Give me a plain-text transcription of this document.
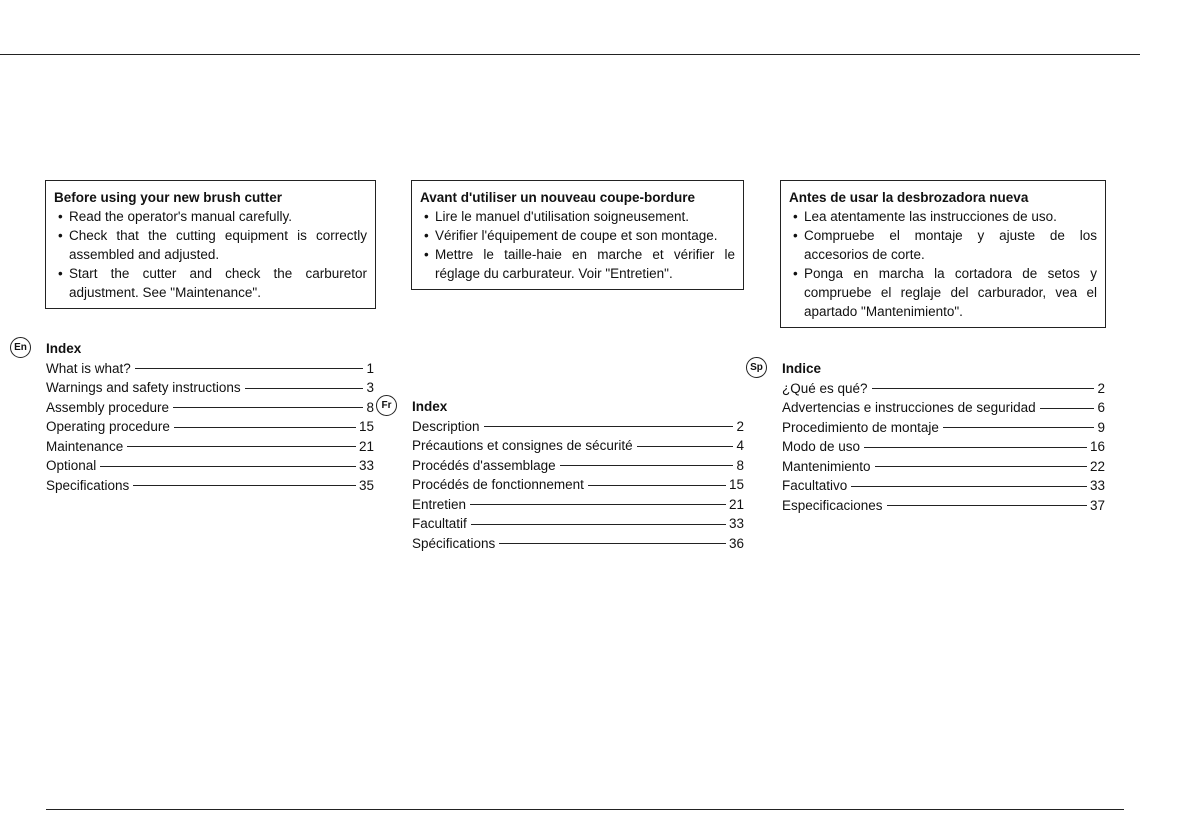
Before using your new brush cutter
• Read the operator's manual carefully.
• Check that the cutting equipment is correctly assembled and adjusted.
• Start the cutter and check the carburetor adjustment. See "Maintenance".
En	Index
What is what?	1
Warnings and safety instructions	3
Assembly procedure	8
Operating procedure	15
Maintenance	21
Optional	33
Specifications	35
Avant d'utiliser un nouveau coupe-bordure
• Lire le manuel d'utilisation soigneusement.
• Vérifier l'équipement de coupe et son montage.
• Mettre le taille-haie en marche et vérifier le réglage du carburateur. Voir "Entretien".
Fr	Index
Description	2
Précautions et consignes de sécurité	4
Procédés d'assemblage	8
Procédés de fonctionnement	15
Entretien	21
Facultatif	33
Spécifications	36
Antes de usar la desbrozadora nueva
• Lea atentamente las instrucciones de uso.
• Compruebe el montaje y ajuste de los accesorios de corte.
• Ponga en marcha la cortadora de setos y compruebe el reglaje del carburador, vea el apartado "Mantenimiento".
Sp	Indice
¿Qué es qué?	2
Advertencias e instrucciones de seguridad	6
Procedimiento de montaje	9
Modo de uso	16
Mantenimiento	22
Facultativo	33
Especificaciones	37
